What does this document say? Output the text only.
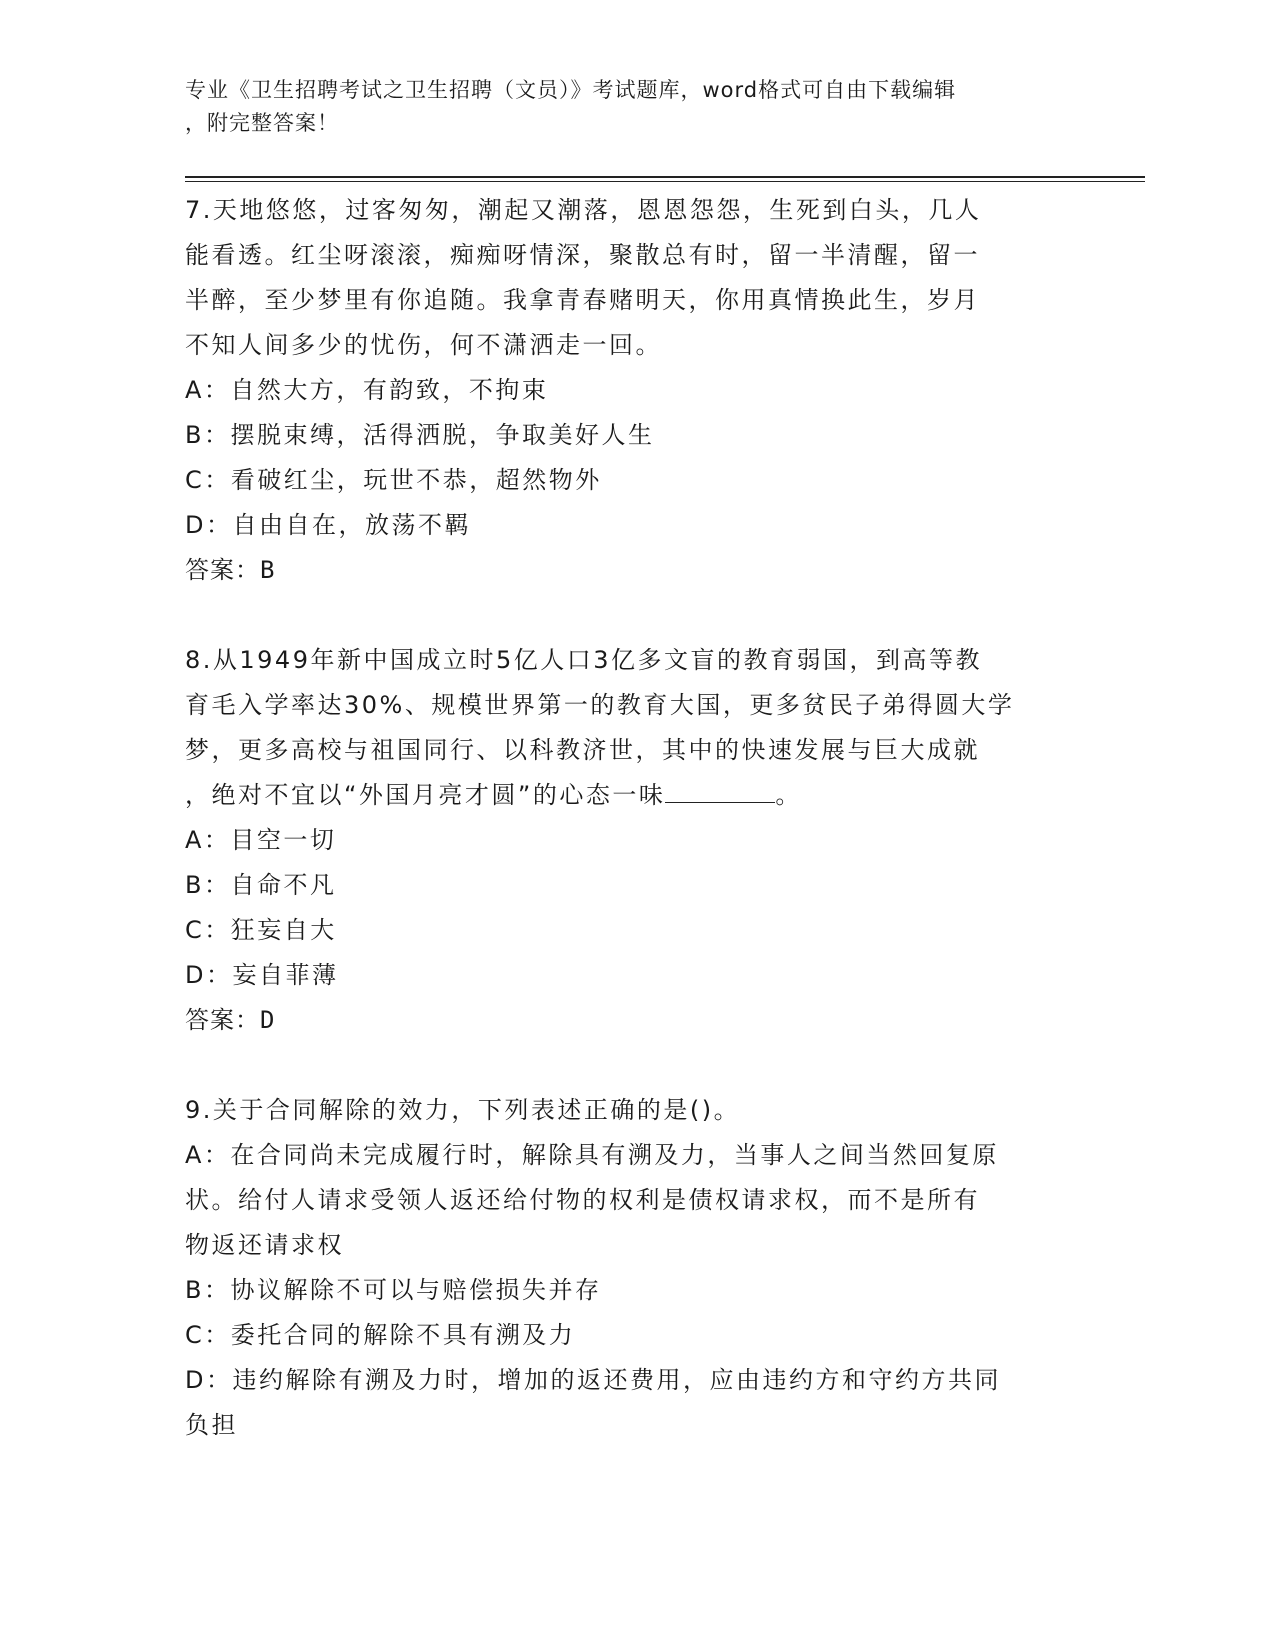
专业《卫生招聘考试之卫生招聘（文员）》考试题库，word格式可自由下载编辑
，附完整答案！

7.天地悠悠，过客匆匆，潮起又潮落，恩恩怨怨，生死到白头，几人

能看透。红尘呀滚滚，痴痴呀情深，聚散总有时，留一半清醒，留一

半醉，至少梦里有你追随。我拿青春赌明天，你用真情换此生，岁月

不知人间多少的忧伤，何不潇洒走一回。

A：自然大方，有韵致，不拘束

B：摆脱束缚，活得洒脱，争取美好人生

C：看破红尘，玩世不恭，超然物外

D：自由自在，放荡不羁

答案：B

8.从1949年新中国成立时5亿人口3亿多文盲的教育弱国，到高等教

育毛入学率达30%、规模世界第一的教育大国，更多贫民子弟得圆大学

梦，更多高校与祖国同行、以科教济世，其中的快速发展与巨大成就

，绝对不宜以“外国月亮才圆”的心态一味	。

A：目空一切

B：自命不凡

C：狂妄自大

D：妄自菲薄

答案：D

9.关于合同解除的效力，下列表述正确的是()。

A：在合同尚未完成履行时，解除具有溯及力，当事人之间当然回复原

状。给付人请求受领人返还给付物的权利是债权请求权，而不是所有

物返还请求权

B：协议解除不可以与赔偿损失并存

C：委托合同的解除不具有溯及力

D：违约解除有溯及力时，增加的返还费用，应由违约方和守约方共同

负担
